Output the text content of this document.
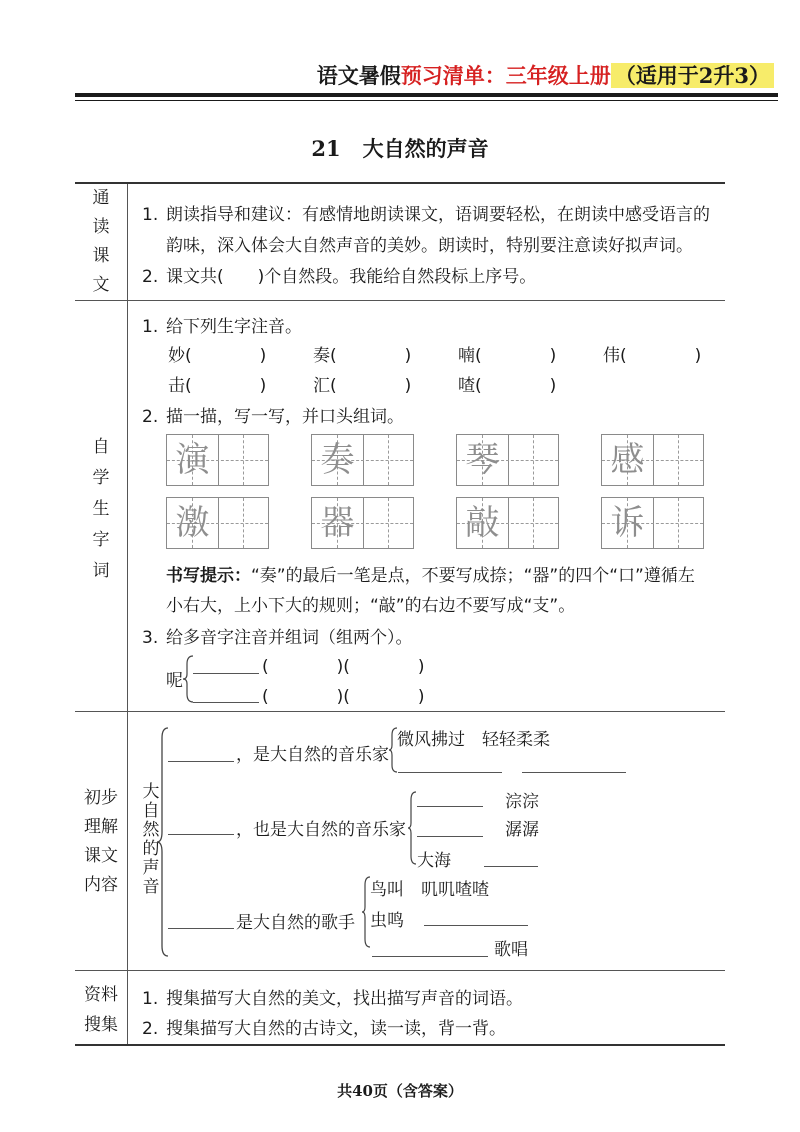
语文暑假预习清单：三年级上册 （适用于2升3）
21 大自然的声音
通读课文
1. 朗读指导和建议：有感情地朗读课文，语调要轻松，在朗读中感受语言的
韵味，深入体会大自然声音的美妙。朗读时，特别要注意读好拟声词。
2. 课文共(　　)个自然段。我能给自然段标上序号。
自学生字词
1. 给下列生字注音。
妙(　　　　)	奏(　　　　)	喃(　　　　)	伟(　　　　)
击(　　　　)	汇(　　　　)	喳(　　　　)
2. 描一描，写一写，并口头组词。
演	奏	琴	感
激	器	敲	诉
书写提示：“奏”的最后一笔是点，不要写成捺；“器”的四个“口”遵循左
小右大，上小下大的规则；“敲”的右边不要写成“支”。
3. 给多音字注音并组词（组两个）。
呢
(　　　　)(　　　　)
(　　　　)(　　　　)
初步
理解
课文
内容
大
自
然
的
声
音
，是大自然的音乐家
微风拂过　轻轻柔柔
，也是大自然的音乐家
淙淙
潺潺
大海
是大自然的歌手
鸟叫　叽叽喳喳
虫鸣
歌唱
资料
搜集
1. 搜集描写大自然的美文，找出描写声音的词语。
2. 搜集描写大自然的古诗文，读一读，背一背。
共40页（含答案）
